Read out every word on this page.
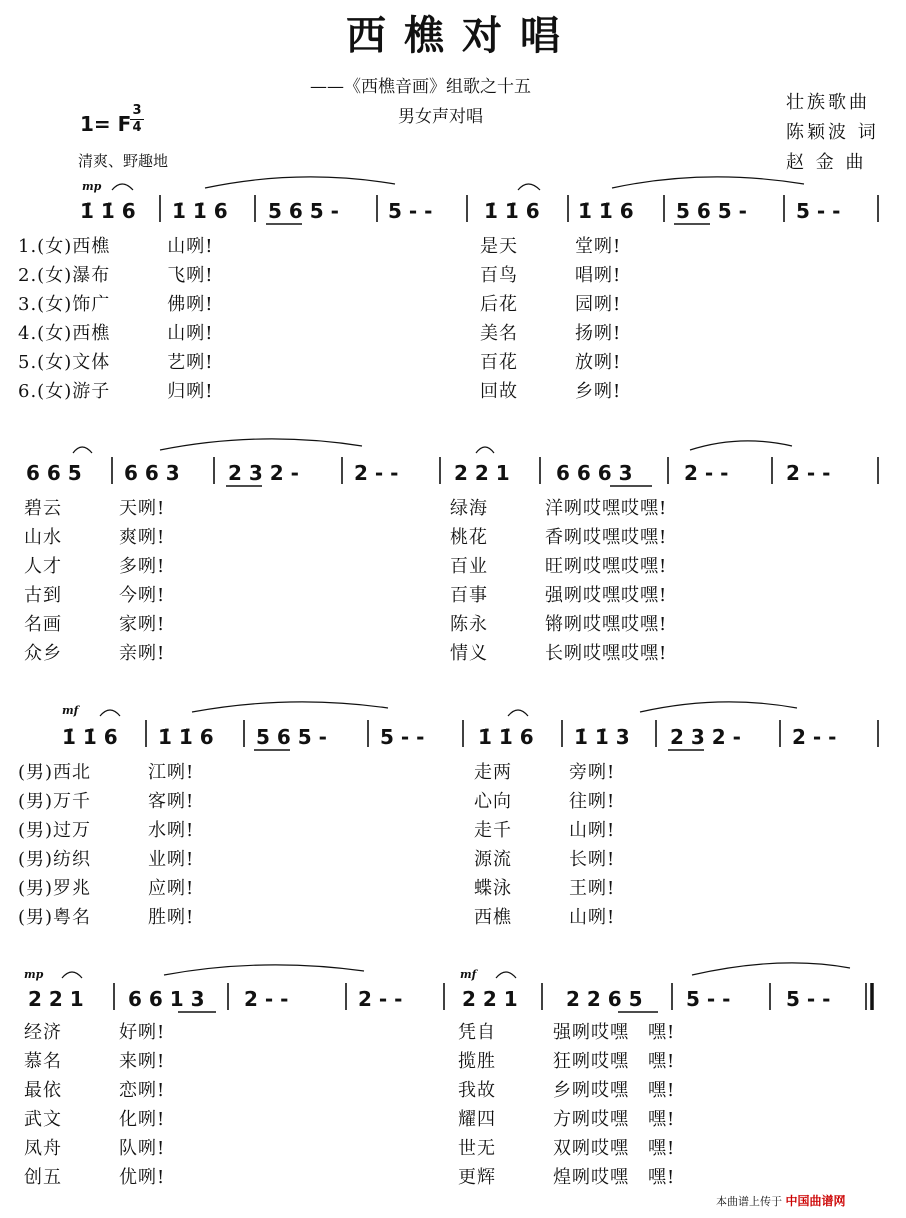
西樵对唱
——《西樵音画》组歌之十五
男女声对唱
壮族歌曲
陈颖波 词
赵 金 曲
1= F
3
4
清爽、野趣地
mp
mf
mp	mf
1̇ 1̇ 6 1̇ 1̇ 6 5 6 5 - 5 - -	1̇ 1̇ 6 1̇ 1̇ 6 5 6 5 - 5 - -
6 6 5 6 6 3 2 3 2 -	2 - -	2 2 1 6 6 6 3	2 - -	2 - -
1̇ 1̇ 6 1̇ 1̇ 6 5 6 5 -	5 - -	1̇ 1̇ 6 1̇ 1̇ 3 2 3 2 -	2 - -
2 2 1 6 6 1 3 2 - -	2 - -	2 2 1 2 2 6 5 5 - -	5 - -
1.(女)西樵　　　山咧!
2.(女)瀑布　　　飞咧!
3.(女)饰广　　　佛咧!
4.(女)西樵　　　山咧!
5.(女)文体　　　艺咧!
6.(女)游子　　　归咧!
是天　　　堂咧!
百鸟　　　唱咧!
后花　　　园咧!
美名　　　扬咧!
百花　　　放咧!
回故　　　乡咧!
碧云　　　天咧!
山水　　　爽咧!
人才　　　多咧!
古到　　　今咧!
名画　　　家咧!
众乡　　　亲咧!
绿海　　　洋咧哎嘿哎嘿!
桃花　　　香咧哎嘿哎嘿!
百业　　　旺咧哎嘿哎嘿!
百事　　　强咧哎嘿哎嘿!
陈永　　　锵咧哎嘿哎嘿!
情义　　　长咧哎嘿哎嘿!
(男)西北　　　江咧!
(男)万千　　　客咧!
(男)过万　　　水咧!
(男)纺织　　　业咧!
(男)罗兆　　　应咧!
(男)粤名　　　胜咧!
走两　　　旁咧!
心向　　　往咧!
走千　　　山咧!
源流　　　长咧!
蝶泳　　　王咧!
西樵　　　山咧!
经济　　　好咧!
慕名　　　来咧!
最依　　　恋咧!
武文　　　化咧!
凤舟　　　队咧!
创五　　　优咧!
凭自　　　强咧哎嘿　嘿!
揽胜　　　狂咧哎嘿　嘿!
我故　　　乡咧哎嘿　嘿!
耀四　　　方咧哎嘿　嘿!
世无　　　双咧哎嘿　嘿!
更辉　　　煌咧哎嘿　嘿!
本曲谱上传于 中国曲谱网
